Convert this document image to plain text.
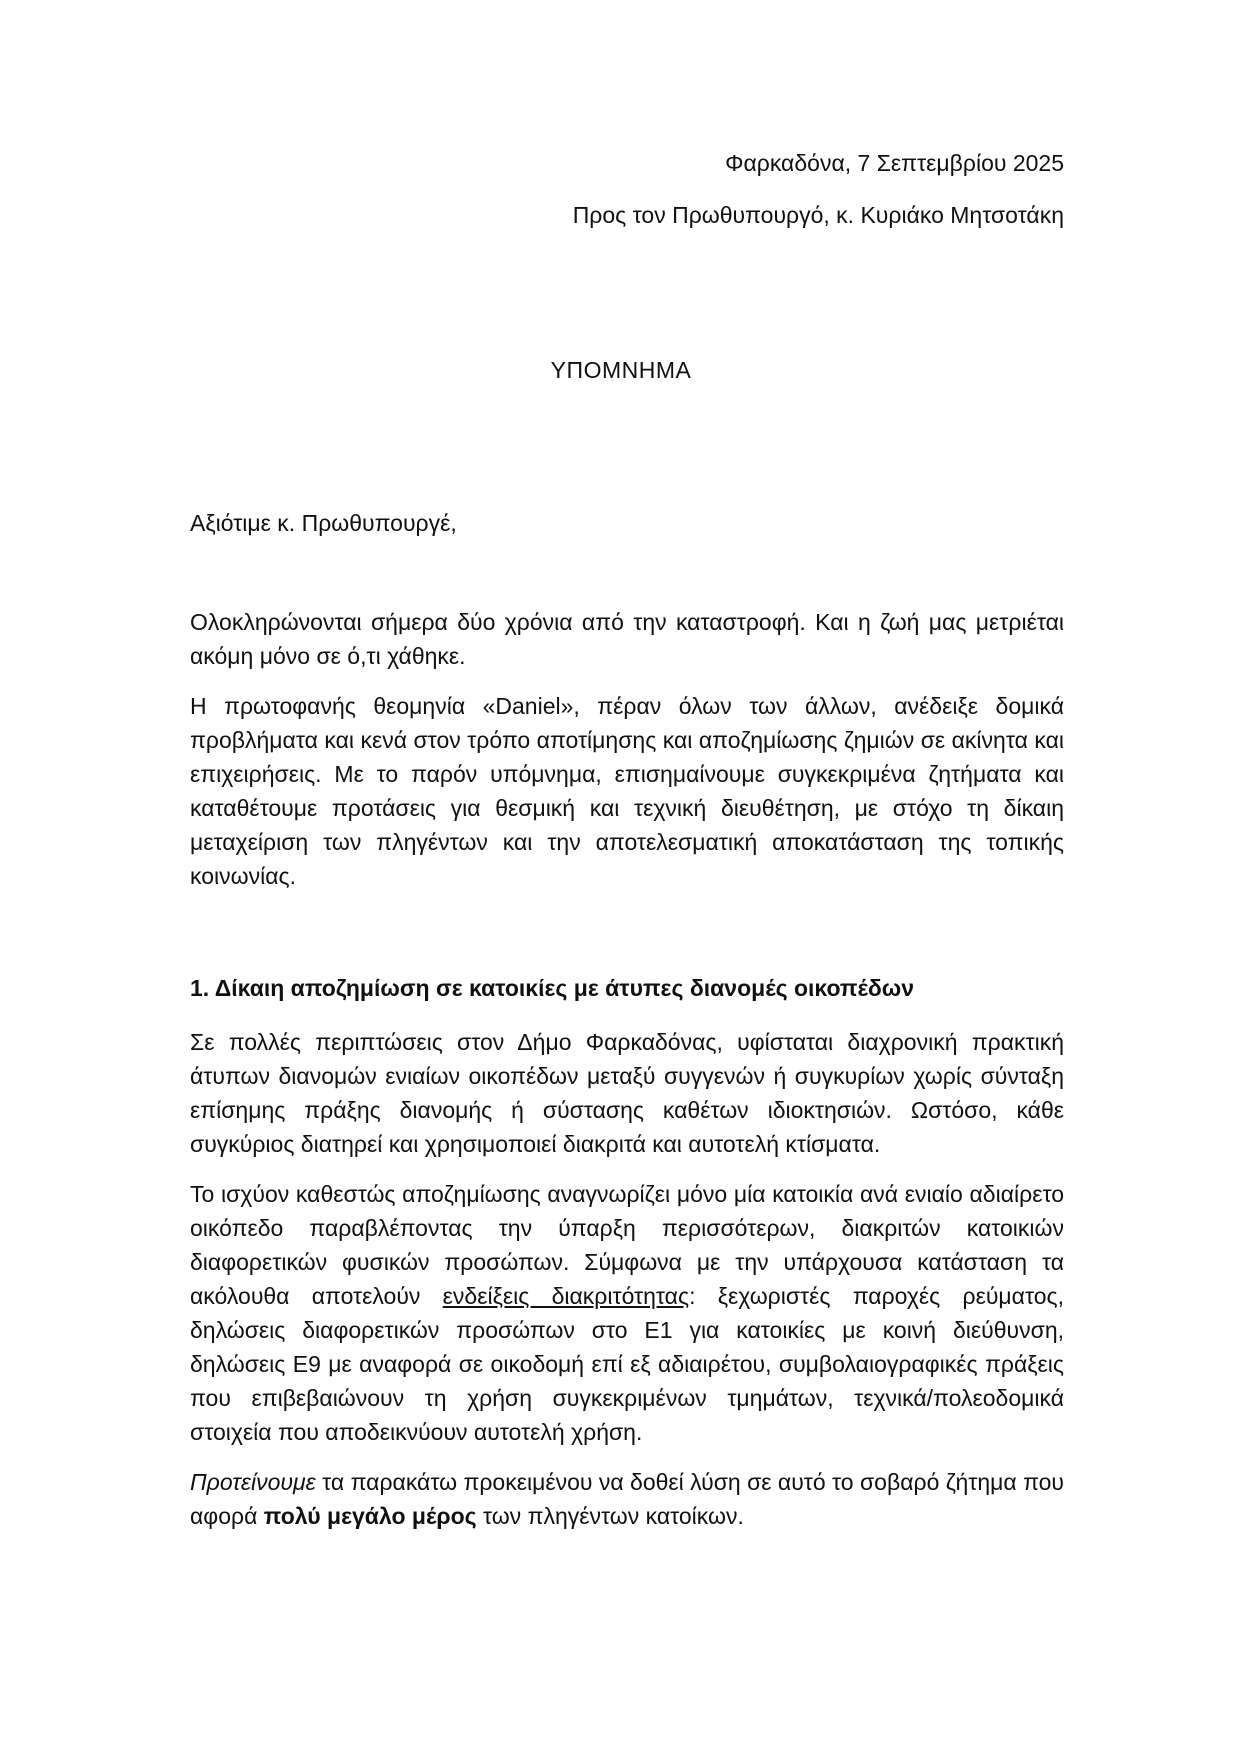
Φαρκαδόνα, 7 Σεπτεμβρίου 2025
Προς τον Πρωθυπουργό, κ. Κυριάκο Μητσοτάκη
ΥΠΟΜΝΗΜΑ
Αξιότιμε κ. Πρωθυπουργέ,

Ολοκληρώνονται σήμερα δύο χρόνια από την καταστροφή. Και η ζωή μας μετριέται ακόμη μόνο σε ό,τι χάθηκε.

Η πρωτοφανής θεομηνία «Daniel», πέραν όλων των άλλων, ανέδειξε δομικά προβλήματα και κενά στον τρόπο αποτίμησης και αποζημίωσης ζημιών σε ακίνητα και επιχειρήσεις. Με το παρόν υπόμνημα, επισημαίνουμε συγκεκριμένα ζητήματα και καταθέτουμε προτάσεις για θεσμική και τεχνική διευθέτηση, με στόχο τη δίκαιη μεταχείριση των πληγέντων και την αποτελεσματική αποκατάσταση της τοπικής κοινωνίας.

1. Δίκαιη αποζημίωση σε κατοικίες με άτυπες διανομές οικοπέδων

Σε πολλές περιπτώσεις στον Δήμο Φαρκαδόνας, υφίσταται διαχρονική πρακτική άτυπων διανομών ενιαίων οικοπέδων μεταξύ συγγενών ή συγκυρίων χωρίς σύνταξη επίσημης πράξης διανομής ή σύστασης καθέτων ιδιοκτησιών. Ωστόσο, κάθε συγκύριος διατηρεί και χρησιμοποιεί διακριτά και αυτοτελή κτίσματα.

Το ισχύον καθεστώς αποζημίωσης αναγνωρίζει μόνο μία κατοικία ανά ενιαίο αδιαίρετο οικόπεδο παραβλέποντας την ύπαρξη περισσότερων, διακριτών κατοικιών διαφορετικών φυσικών προσώπων. Σύμφωνα με την υπάρχουσα κατάσταση τα ακόλουθα αποτελούν ενδείξεις διακριτότητας: ξεχωριστές παροχές ρεύματος, δηλώσεις διαφορετικών προσώπων στο Ε1 για κατοικίες με κοινή διεύθυνση, δηλώσεις Ε9 με αναφορά σε οικοδομή επί εξ αδιαιρέτου, συμβολαιογραφικές πράξεις που επιβεβαιώνουν τη χρήση συγκεκριμένων τμημάτων, τεχνικά/πολεοδομικά στοιχεία που αποδεικνύουν αυτοτελή χρήση.

Προτείνουμε τα παρακάτω προκειμένου να δοθεί λύση σε αυτό το σοβαρό ζήτημα που αφορά πολύ μεγάλο μέρος των πληγέντων κατοίκων.
